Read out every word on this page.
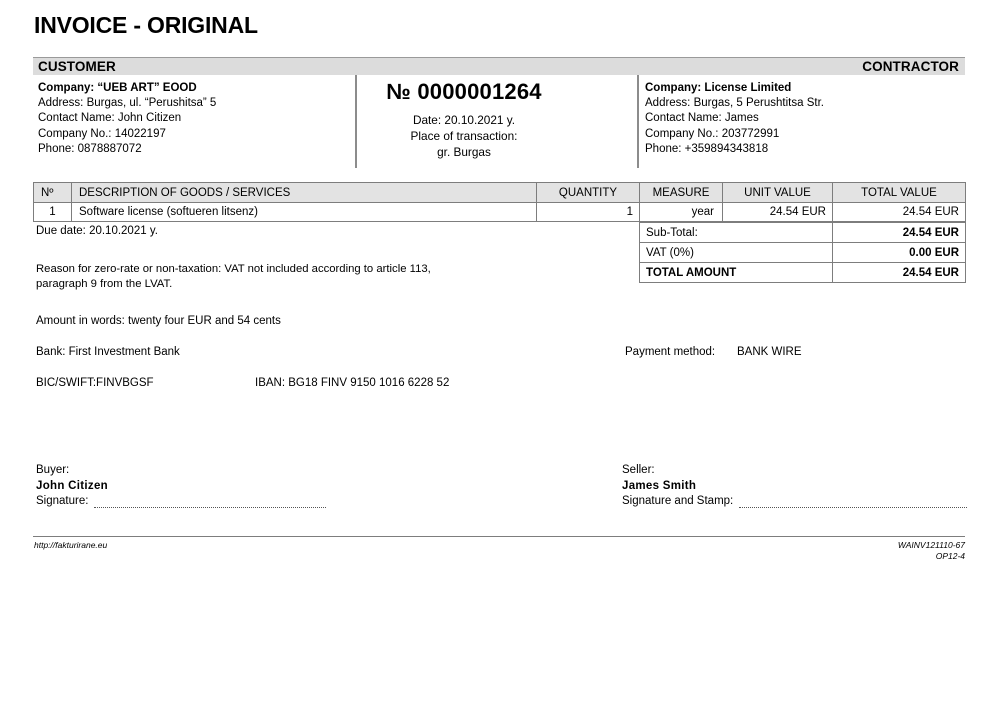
INVOICE - ORIGINAL
CUSTOMER	CONTRACTOR
Company: “UEB ART” EOOD
Address: Burgas, ul. “Perushitsa” 5
Contact Name: John Citizen
Company No.: 14022197
Phone: 0878887072
Company: License Limited
Address: Burgas, 5 Perushtitsa Str.
Contact Name: James
Company No.: 203772991
Phone: +359894343818
№ 0000001264
Date: 20.10.2021 y.
Place of transaction:
gr. Burgas
Nº	DESCRIPTION OF GOODS / SERVICES	QUANTITY	MEASURE	UNIT VALUE	TOTAL VALUE
1	Software license (softueren litsenz)	1	year	24.54 EUR	24.54 EUR
Due date: 20.10.2021 y.
Reason for zero-rate or non-taxation: VAT not included according to article 113, paragraph 9 from the LVAT.
Amount in words: twenty four EUR and 54 cents
Bank: First Investment Bank
BIC/SWIFT:FINVBGSF	IBAN: BG18 FINV 9150 1016 6228 52
Payment method: BANK WIRE
Sub-Total:	24.54 EUR
VAT (0%)	0.00 EUR
TOTAL AMOUNT	24.54 EUR
Buyer:
John Citizen
Signature:
Seller:
James Smith
Signature and Stamp:
http://fakturirane.eu	WAINV121110-67
OP12-4
